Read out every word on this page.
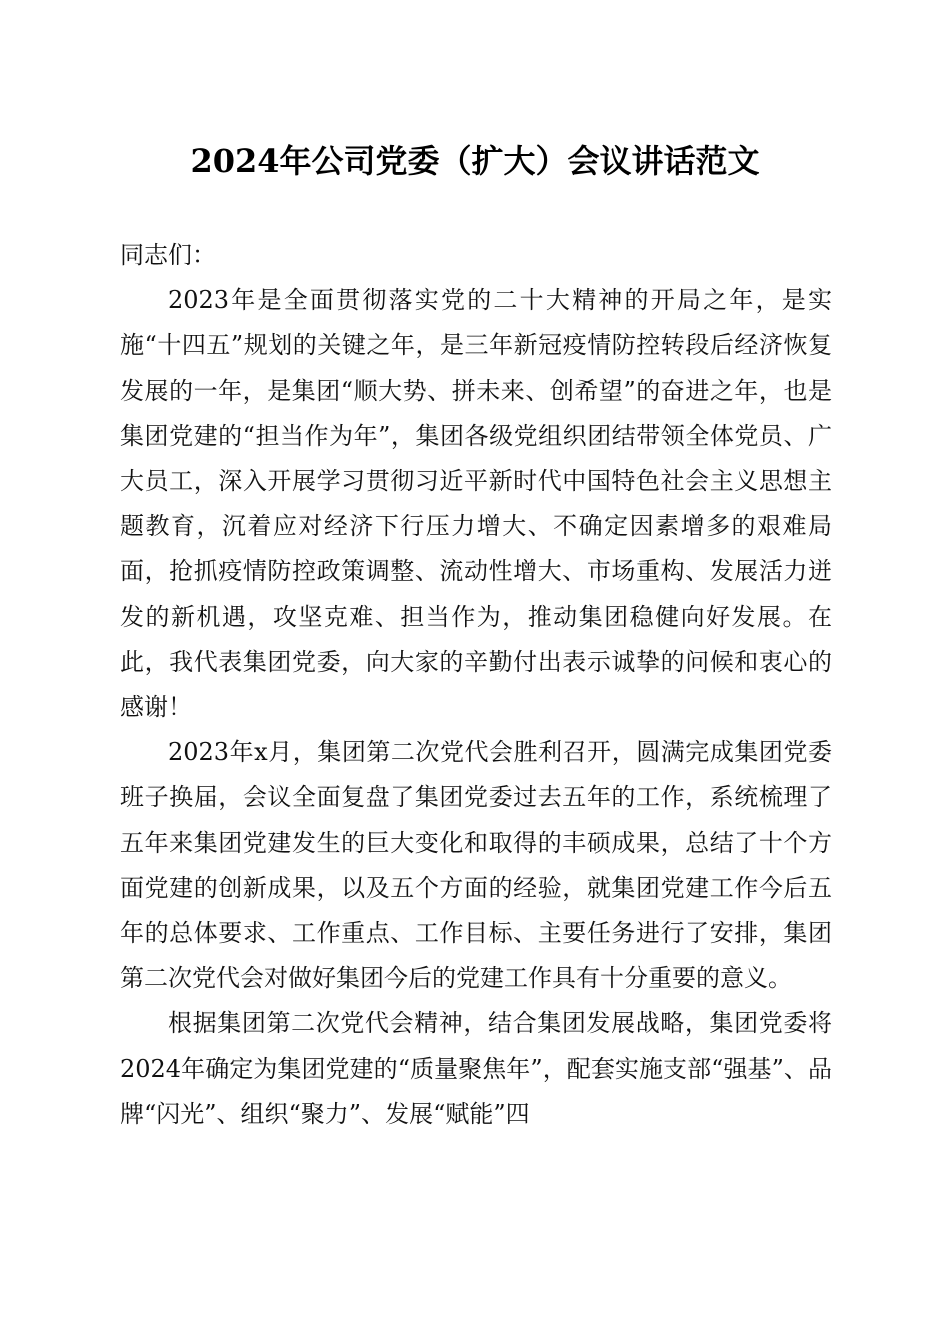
2024年公司党委（扩大）会议讲话范文

同志们：

2023年是全面贯彻落实党的二十大精神的开局之年，是实施“十四五”规划的关键之年，是三年新冠疫情防控转段后经济恢复发展的一年，是集团“顺大势、拼未来、创希望”的奋进之年，也是集团党建的“担当作为年”，集团各级党组织团结带领全体党员、广大员工，深入开展学习贯彻习近平新时代中国特色社会主义思想主题教育，沉着应对经济下行压力增大、不确定因素增多的艰难局面，抢抓疫情防控政策调整、流动性增大、市场重构、发展活力迸发的新机遇，攻坚克难、担当作为，推动集团稳健向好发展。在此，我代表集团党委，向大家的辛勤付出表示诚挚的问候和衷心的感谢！

2023年x月，集团第二次党代会胜利召开，圆满完成集团党委班子换届，会议全面复盘了集团党委过去五年的工作，系统梳理了五年来集团党建发生的巨大变化和取得的丰硕成果，总结了十个方面党建的创新成果，以及五个方面的经验，就集团党建工作今后五年的总体要求、工作重点、工作目标、主要任务进行了安排，集团第二次党代会对做好集团今后的党建工作具有十分重要的意义。

根据集团第二次党代会精神，结合集团发展战略，集团党委将2024年确定为集团党建的“质量聚焦年”，配套实施支部“强基”、品牌“闪光”、组织“聚力”、发展“赋能”四
